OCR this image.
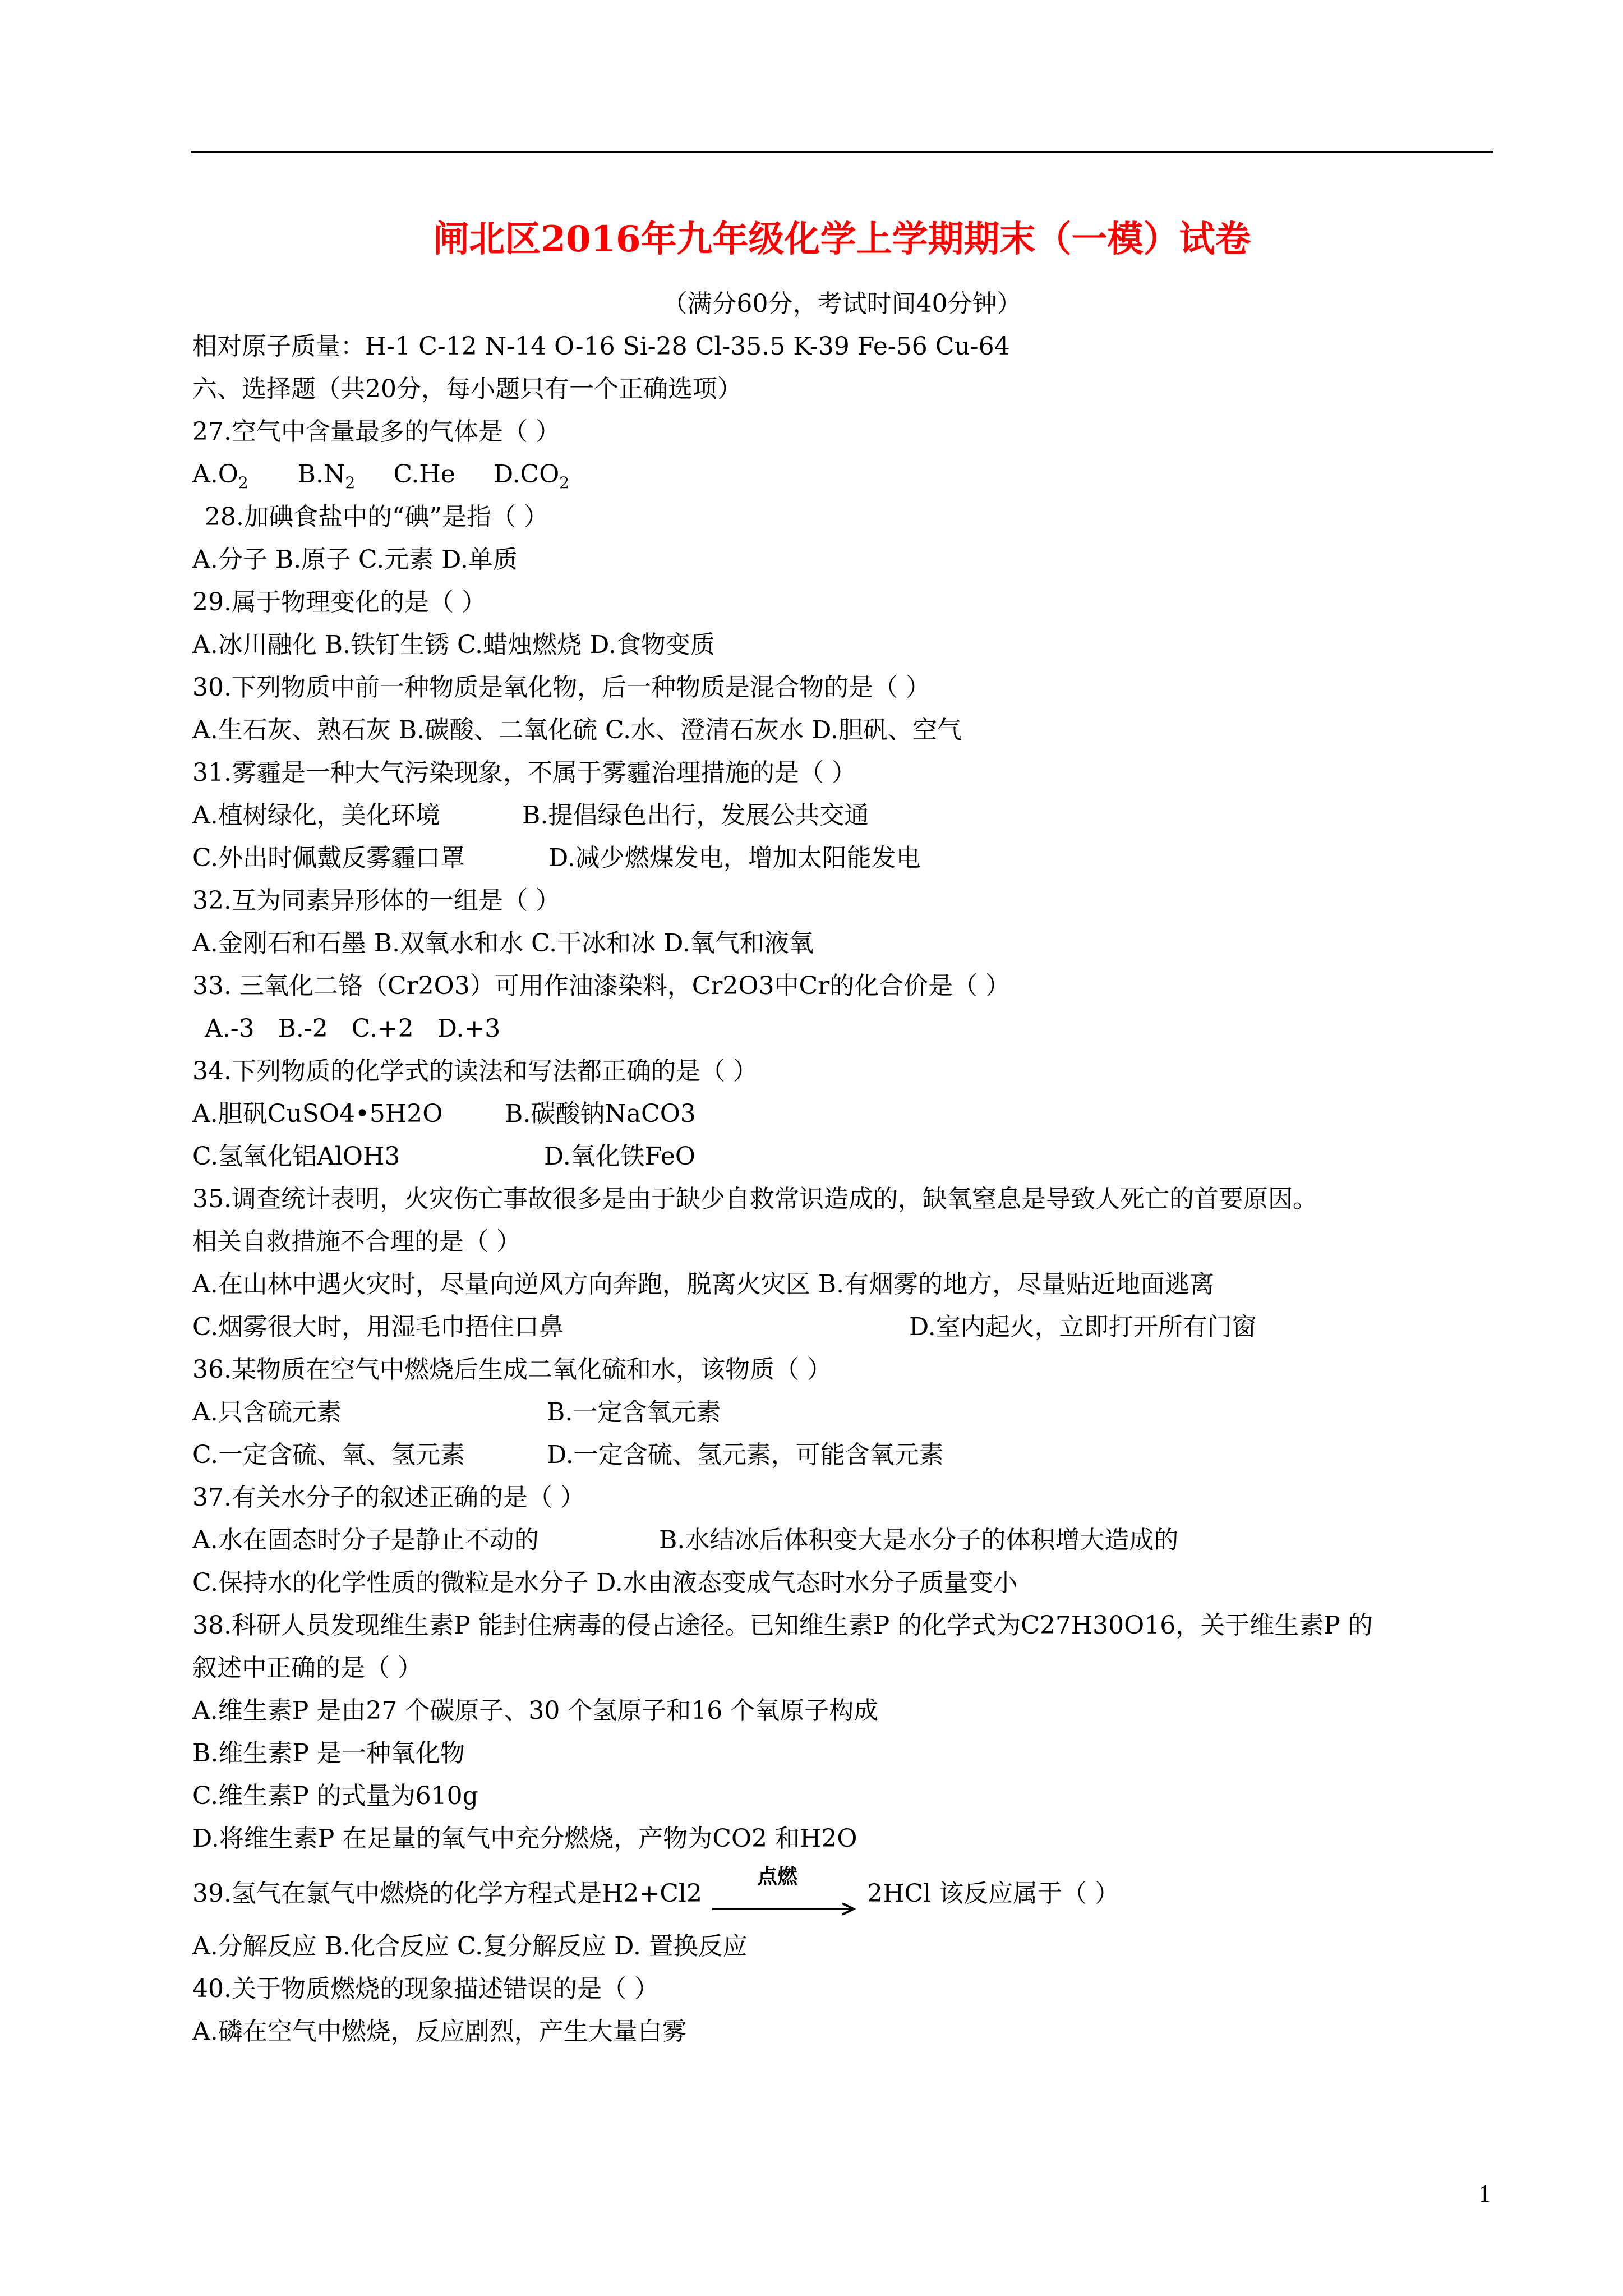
闸北区2016年九年级化学上学期期末（一模）试卷
（满分60分，考试时间40分钟）
相对原子质量：H-1 C-12 N-14 O-16 Si-28 Cl-35.5 K-39 Fe-56 Cu-64
六、选择题（共20分，每小题只有一个正确选项）
27.空气中含量最多的气体是（ ）
$A.O_2$ $B.N_2$ C.He $D.CO_2$
28.加碘食盐中的“碘”是指（ ）
A.分子 B.原子 C.元素 D.单质
29.属于物理变化的是（ ）
A.冰川融化 B.铁钉生锈 C.蜡烛燃烧 D.食物变质
30.下列物质中前一种物质是氧化物，后一种物质是混合物的是（ ）
A.生石灰、熟石灰 B.碳酸、二氧化硫 C.水、澄清石灰水 D.胆矾、空气
31.雾霾是一种大气污染现象，不属于雾霾治理措施的是（ ）
A.植树绿化，美化环境	B.提倡绿色出行，发展公共交通
C.外出时佩戴反雾霾口罩	D.减少燃煤发电，增加太阳能发电
32.互为同素异形体的一组是（ ）
A.金刚石和石墨 B.双氧水和水 C.干冰和冰 D.氧气和液氧
33. 三氧化二铬（Cr2O3）可用作油漆染料，Cr2O3中Cr的化合价是（ ）
A.-3   B.-2   C.+2   D.+3
34.下列物质的化学式的读法和写法都正确的是（ ）
A.胆矾CuSO4•5H2O	B.碳酸钠NaCO3
C.氢氧化铝AlOH3	D.氧化铁FeO
35.调查统计表明，火灾伤亡事故很多是由于缺少自救常识造成的，缺氧窒息是导致人死亡的首要原因。
相关自救措施不合理的是（ ）
A.在山林中遇火灾时，尽量向逆风方向奔跑，脱离火灾区 B.有烟雾的地方，尽量贴近地面逃离
C.烟雾很大时，用湿毛巾捂住口鼻	D.室内起火，立即打开所有门窗
36.某物质在空气中燃烧后生成二氧化硫和水，该物质（ ）
A.只含硫元素	B.一定含氧元素
C.一定含硫、氧、氢元素	D.一定含硫、氢元素，可能含氧元素
37.有关水分子的叙述正确的是（ ）
A.水在固态时分子是静止不动的	B.水结冰后体积变大是水分子的体积增大造成的
C.保持水的化学性质的微粒是水分子 D.水由液态变成气态时水分子质量变小
38.科研人员发现维生素P 能封住病毒的侵占途径。已知维生素P 的化学式为C27H30O16，关于维生素P 的
叙述中正确的是（ ）
A.维生素P 是由27 个碳原子、30 个氢原子和16 个氧原子构成
B.维生素P 是一种氧化物
C.维生素P 的式量为610g
D.将维生素P 在足量的氧气中充分燃烧，产物为CO2 和H2O
39.氢气在氯气中燃烧的化学方程式是H2+Cl2
点燃
2HCl 该反应属于（ ）
A.分解反应 B.化合反应 C.复分解反应 D. 置换反应
40.关于物质燃烧的现象描述错误的是（ ）
A.磷在空气中燃烧，反应剧烈，产生大量白雾
1
